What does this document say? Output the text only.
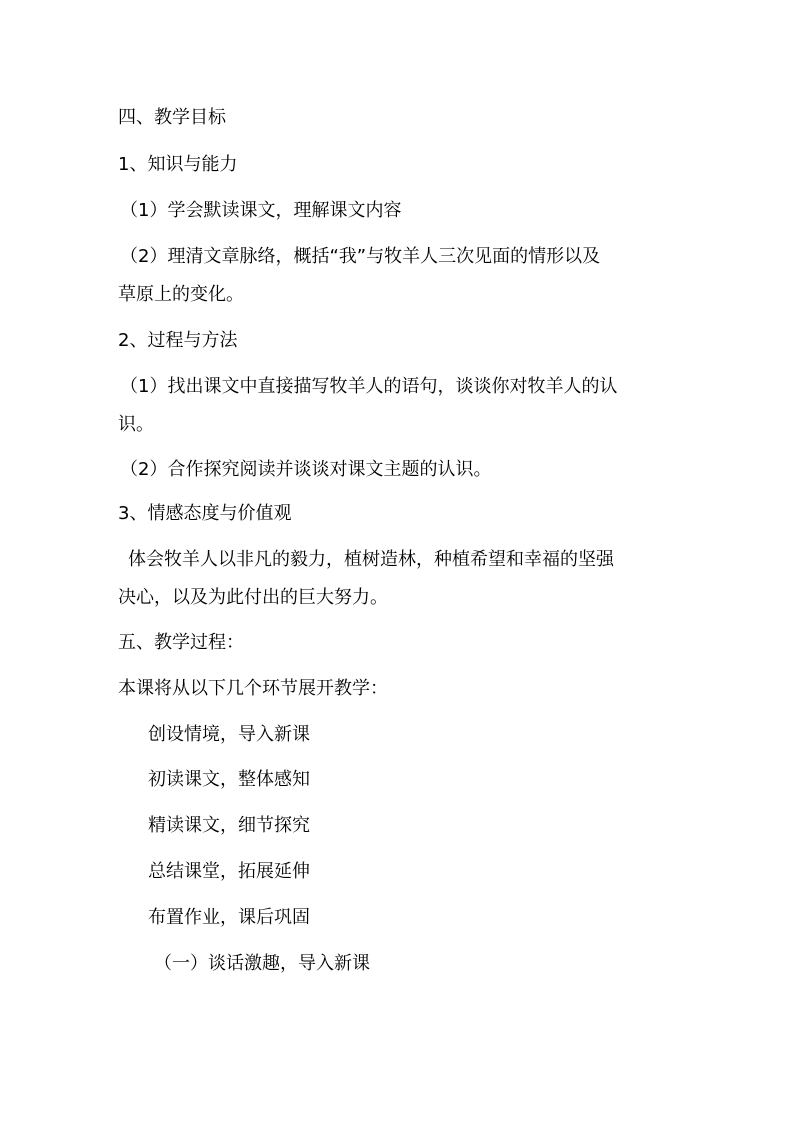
四、教学目标
1、知识与能力
（1）学会默读课文，理解课文内容
（2）理清文章脉络，概括“我”与牧羊人三次见面的情形以及
草原上的变化。
2、过程与方法
（1）找出课文中直接描写牧羊人的语句，谈谈你对牧羊人的认
识。
（2）合作探究阅读并谈谈对课文主题的认识。
3、情感态度与价值观
体会牧羊人以非凡的毅力，植树造林，种植希望和幸福的坚强
决心，以及为此付出的巨大努力。
五、教学过程：
本课将从以下几个环节展开教学：
创设情境，导入新课
初读课文，整体感知
精读课文，细节探究
总结课堂，拓展延伸
布置作业，课后巩固
（一）谈话激趣，导入新课
